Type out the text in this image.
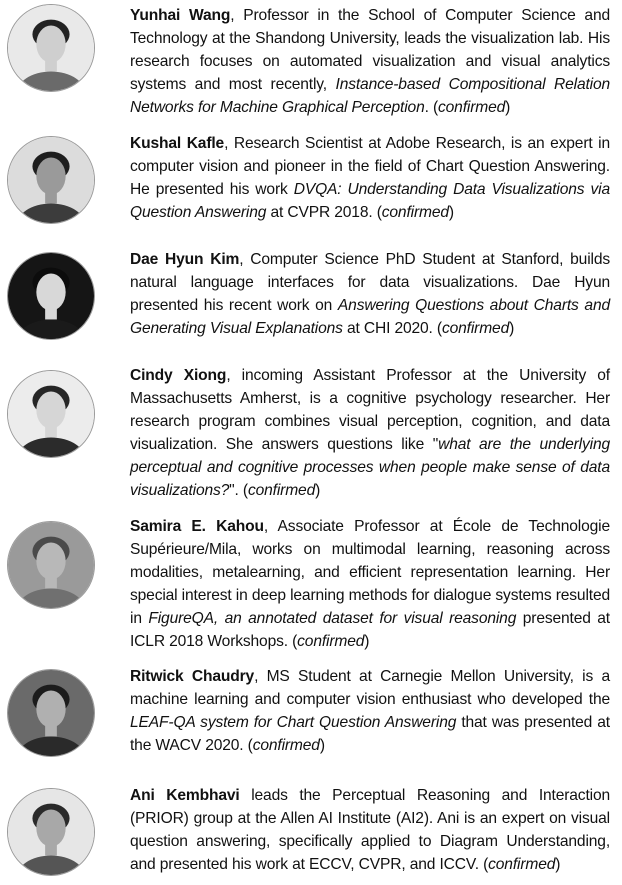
Yunhai Wang, Professor in the School of Computer Science and Technology at the Shandong University, leads the visualization lab. His research focuses on automated visualization and visual analytics systems and most recently, Instance-based Compositional Relation Networks for Machine Graphical Perception. (confirmed)
Kushal Kafle, Research Scientist at Adobe Research, is an expert in computer vision and pioneer in the field of Chart Question Answering. He presented his work DVQA: Understanding Data Visualizations via Question Answering at CVPR 2018. (confirmed)
Dae Hyun Kim, Computer Science PhD Student at Stanford, builds natural language interfaces for data visualizations. Dae Hyun presented his recent work on Answering Questions about Charts and Generating Visual Explanations at CHI 2020. (confirmed)
Cindy Xiong, incoming Assistant Professor at the University of Massachusetts Amherst, is a cognitive psychology researcher. Her research program combines visual perception, cognition, and data visualization. She answers questions like "what are the underlying perceptual and cognitive processes when people make sense of data visualizations?". (confirmed)
Samira E. Kahou, Associate Professor at École de Technologie Supérieure/Mila, works on multimodal learning, reasoning across modalities, metalearning, and efficient representation learning. Her special interest in deep learning methods for dialogue systems resulted in FigureQA, an annotated dataset for visual reasoning presented at ICLR 2018 Workshops. (confirmed)
Ritwick Chaudry, MS Student at Carnegie Mellon University, is a machine learning and computer vision enthusiast who developed the LEAF-QA system for Chart Question Answering that was presented at the WACV 2020. (confirmed)
Ani Kembhavi leads the Perceptual Reasoning and Interaction (PRIOR) group at the Allen AI Institute (AI2). Ani is an expert on visual question answering, specifically applied to Diagram Understanding, and presented his work at ECCV, CVPR, and ICCV. (confirmed)
